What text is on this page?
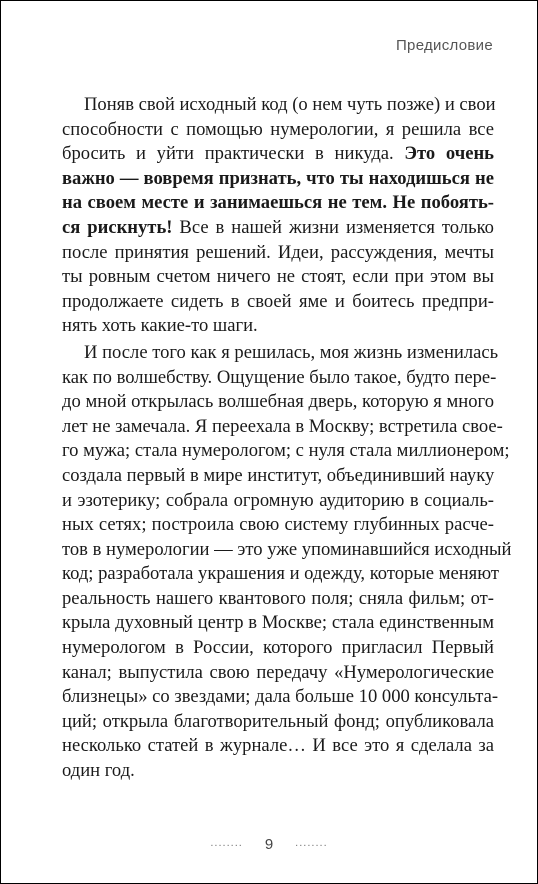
Предисловие

Поняв свой исходный код (о нем чуть позже) и свои
способности с помощью нумерологии, я решила все
бросить и уйти практически в никуда. Это очень
важно — вовремя признать, что ты находишься не
на своем месте и занимаешься не тем. Не побоять-
ся рискнуть! Все в нашей жизни изменяется только
после принятия решений. Идеи, рассуждения, мечты
ты ровным счетом ничего не стоят, если при этом вы
продолжаете сидеть в своей яме и боитесь предпри-
нять хоть какие-то шаги.

И после того как я решилась, моя жизнь изменилась
как по волшебству. Ощущение было такое, будто пере-
до мной открылась волшебная дверь, которую я много
лет не замечала. Я переехала в Москву; встретила свое-
го мужа; стала нумерологом; с нуля стала миллионером;
создала первый в мире институт, объединивший науку
и эзотерику; собрала огромную аудиторию в социаль-
ных сетях; построила свою систему глубинных расче-
тов в нумерологии — это уже упоминавшийся исходный
код; разработала украшения и одежду, которые меняют
реальность нашего квантового поля; сняла фильм; от-
крыла духовный центр в Москве; стала единственным
нумерологом в России, которого пригласил Первый
канал; выпустила свою передачу «Нумерологические
близнецы» со звездами; дала больше 10 000 консульта-
ций; открыла благотворительный фонд; опубликовала
несколько статей в журнале… И все это я сделала за
один год.

........ 9 ........
